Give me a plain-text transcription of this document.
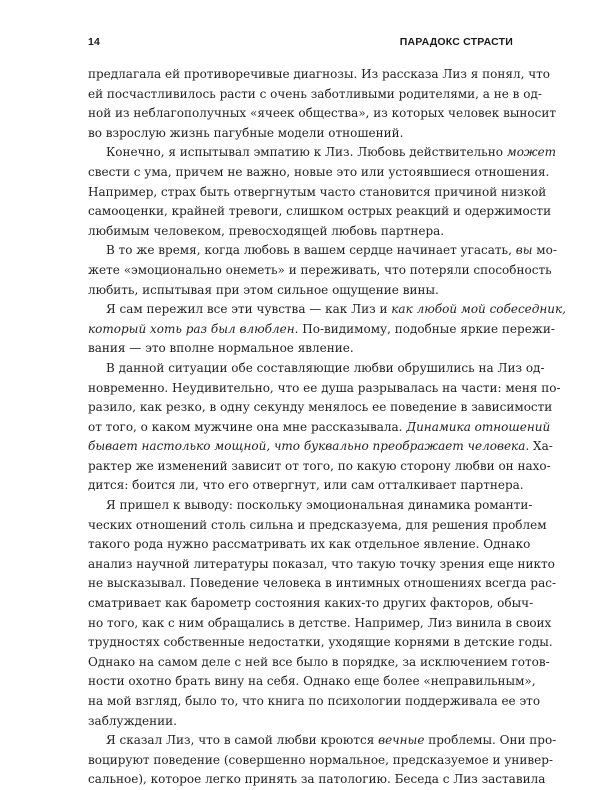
14	ПАРАДОКС СТРАСТИ
предлагала ей противоречивые диагнозы. Из рассказа Лиз я понял, что
ей посчастливилось расти с очень заботливыми родителями, а не в од-
ной из неблагополучных «ячеек общества», из которых человек выносит
во взрослую жизнь пагубные модели отношений.
Конечно, я испытывал эмпатию к Лиз. Любовь действительно может
свести с ума, причем не важно, новые это или устоявшиеся отношения.
Например, страх быть отвергнутым часто становится причиной низкой
самооценки, крайней тревоги, слишком острых реакций и одержимости
любимым человеком, превосходящей любовь партнера.
В то же время, когда любовь в вашем сердце начинает угасать, вы мо-
жете «эмоционально онеметь» и переживать, что потеряли способность
любить, испытывая при этом сильное ощущение вины.
Я сам пережил все эти чувства — как Лиз и как любой мой собеседник,
который хоть раз был влюблен. По-видимому, подобные яркие пережи-
вания — это вполне нормальное явление.
В данной ситуации обе составляющие любви обрушились на Лиз од-
новременно. Неудивительно, что ее душа разрывалась на части: меня по-
разило, как резко, в одну секунду менялось ее поведение в зависимости
от того, о каком мужчине она мне рассказывала. Динамика отношений
бывает настолько мощной, что буквально преображает человека. Ха-
рактер же изменений зависит от того, по какую сторону любви он нахо-
дится: боится ли, что его отвергнут, или сам отталкивает партнера.
Я пришел к выводу: поскольку эмоциональная динамика романти-
ческих отношений столь сильна и предсказуема, для решения проблем
такого рода нужно рассматривать их как отдельное явление. Однако
анализ научной литературы показал, что такую точку зрения еще никто
не высказывал. Поведение человека в интимных отношениях всегда рас-
сматривает как барометр состояния каких-то других факторов, обыч-
но того, как с ним обращались в детстве. Например, Лиз винила в своих
трудностях собственные недостатки, уходящие корнями в детские годы.
Однако на самом деле с ней все было в порядке, за исключением готов-
ности охотно брать вину на себя. Однако еще более «неправильным»,
на мой взгляд, было то, что книга по психологии поддерживала ее это
заблуждении.
Я сказал Лиз, что в самой любви кроются вечные проблемы. Они про-
воцируют поведение (совершенно нормальное, предсказуемое и универ-
сальное), которое легко принять за патологию. Беседа с Лиз заставила
